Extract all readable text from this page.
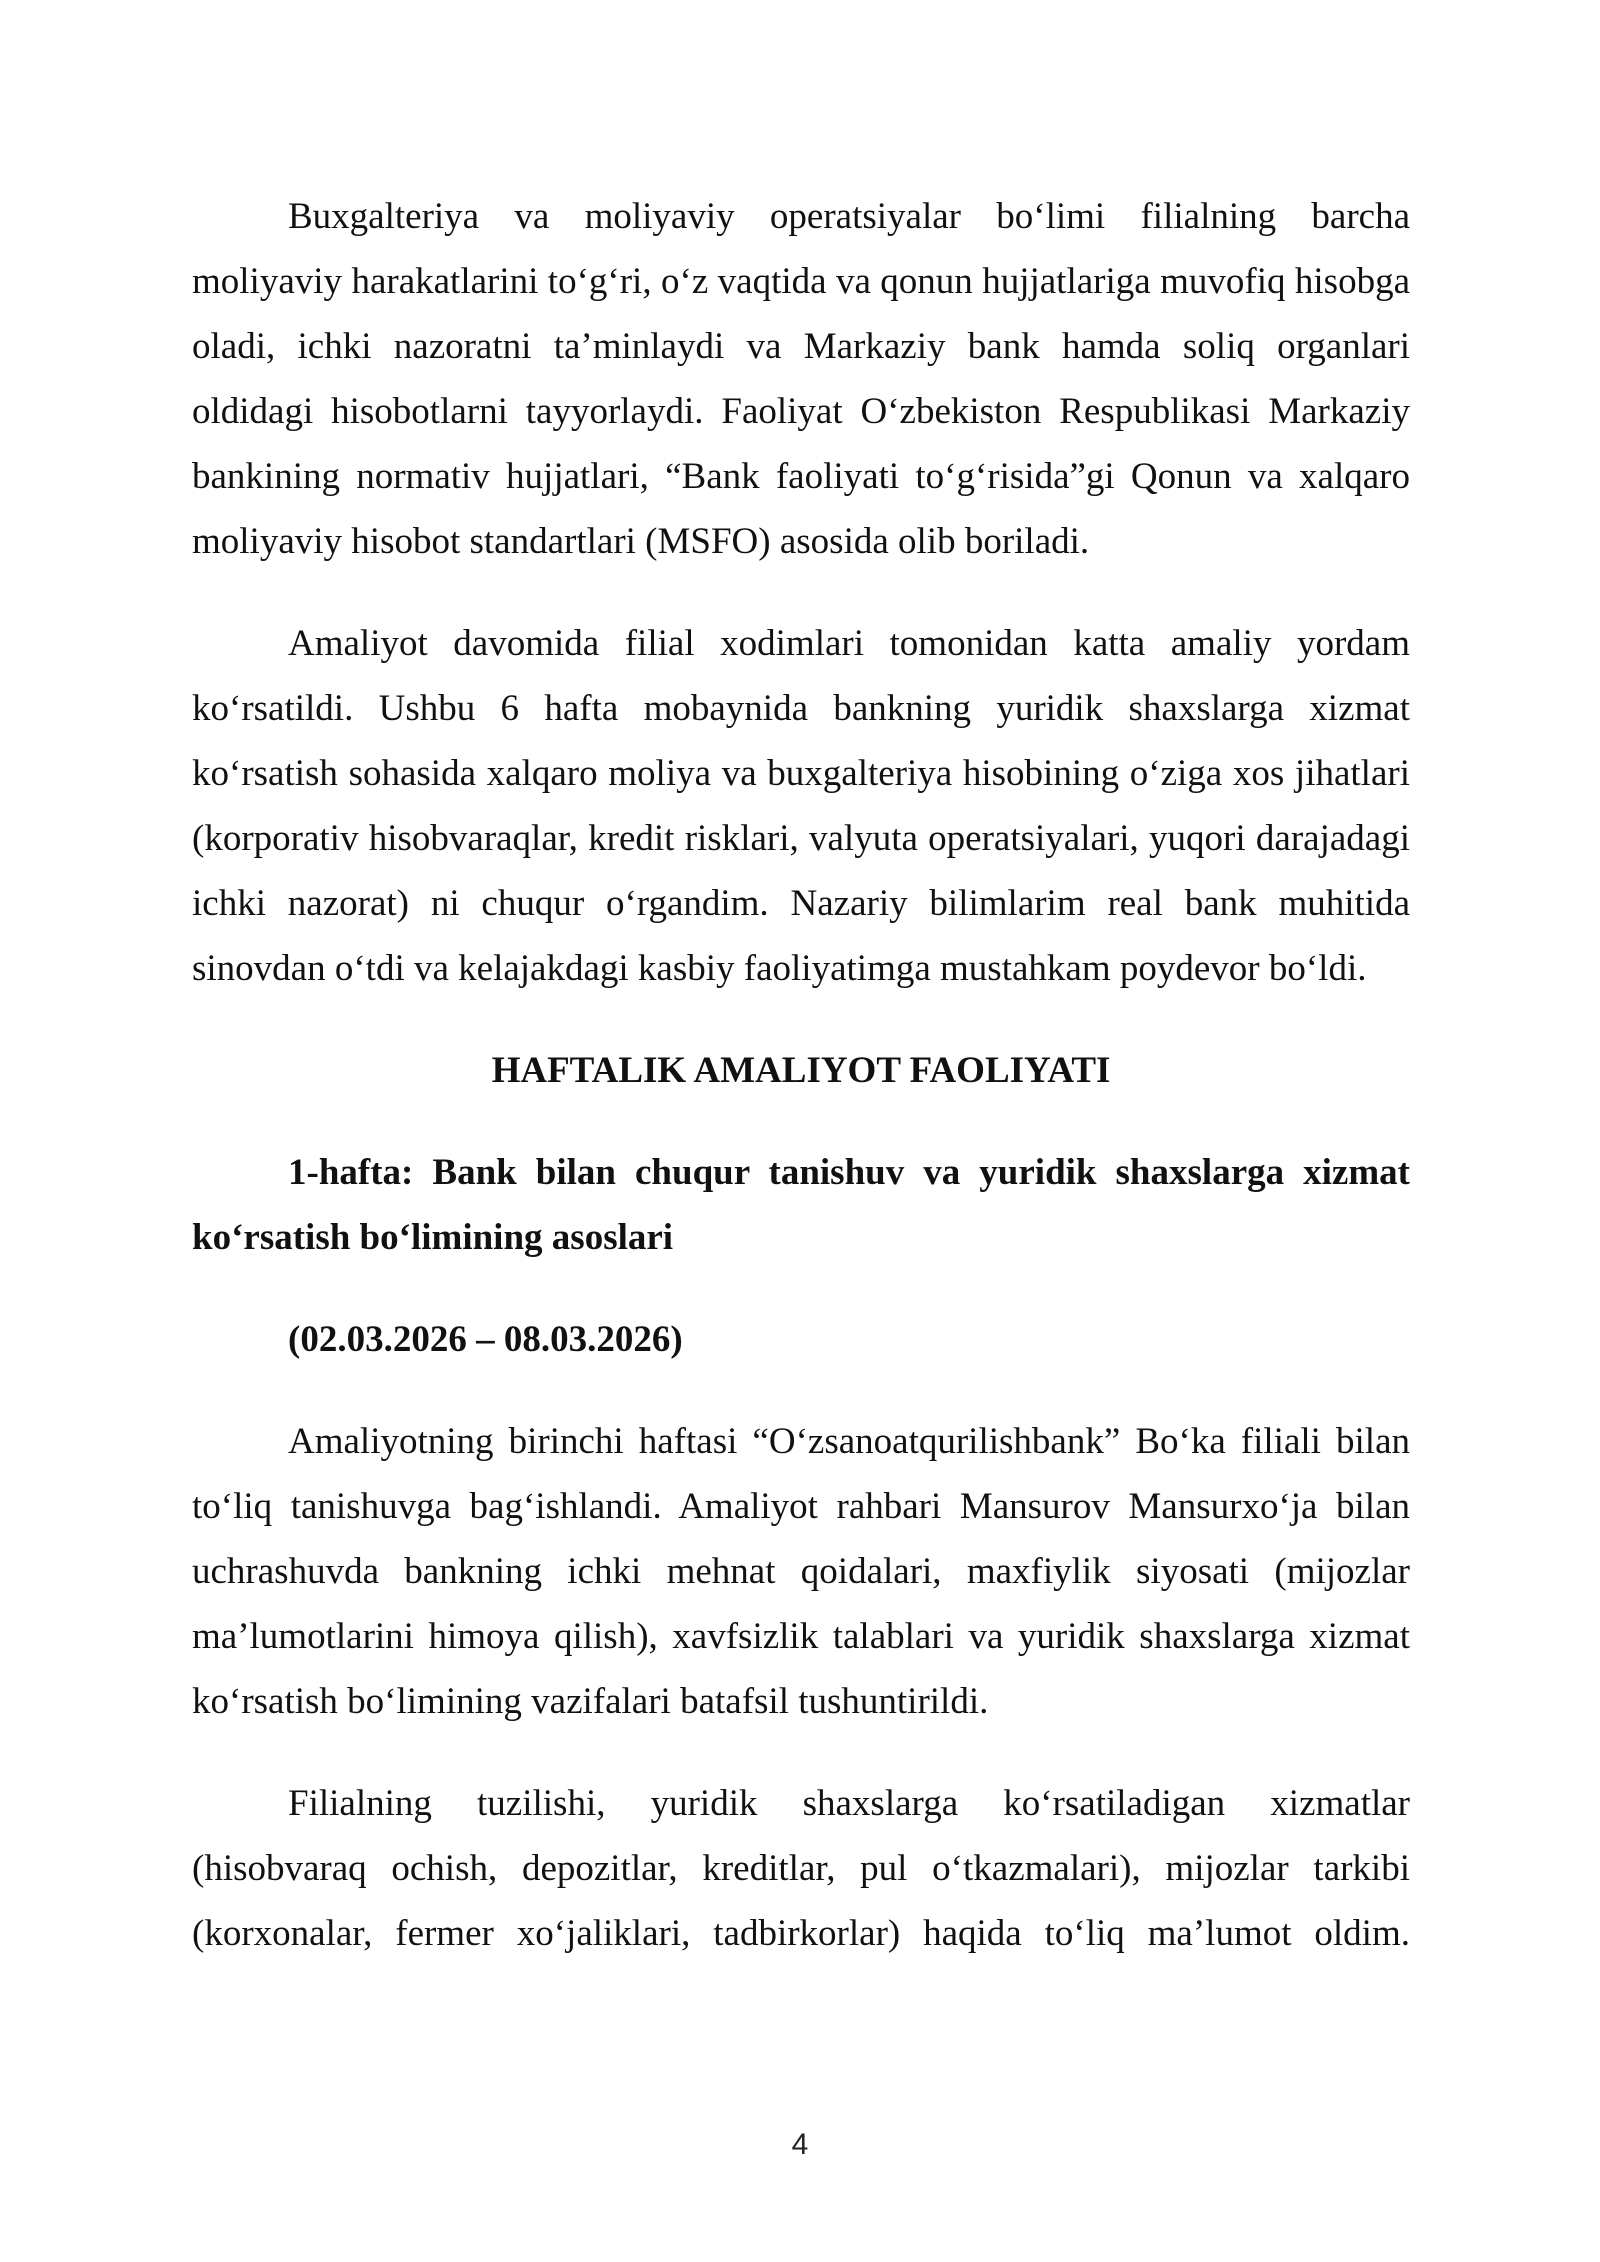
Buxgalteriya va moliyaviy operatsiyalar bo‘limi filialning barcha
moliyaviy harakatlarini to‘g‘ri, o‘z vaqtida va qonun hujjatlariga muvofiq hisobga
oladi, ichki nazoratni ta’minlaydi va Markaziy bank hamda soliq organlari
oldidagi hisobotlarni tayyorlaydi. Faoliyat O‘zbekiston Respublikasi Markaziy
bankining normativ hujjatlari, “Bank faoliyati to‘g‘risida”gi Qonun va xalqaro
moliyaviy hisobot standartlari (MSFO) asosida olib boriladi.
Amaliyot davomida filial xodimlari tomonidan katta amaliy yordam
ko‘rsatildi. Ushbu 6 hafta mobaynida bankning yuridik shaxslarga xizmat
ko‘rsatish sohasida xalqaro moliya va buxgalteriya hisobining o‘ziga xos jihatlari
(korporativ hisobvaraqlar, kredit risklari, valyuta operatsiyalari, yuqori darajadagi
ichki nazorat) ni chuqur o‘rgandim. Nazariy bilimlarim real bank muhitida
sinovdan o‘tdi va kelajakdagi kasbiy faoliyatimga mustahkam poydevor bo‘ldi.
HAFTALIK AMALIYOT FAOLIYATI
1-hafta: Bank bilan chuqur tanishuv va yuridik shaxslarga xizmat
ko‘rsatish bo‘limining asoslari
(02.03.2026 – 08.03.2026)
Amaliyotning birinchi haftasi “O‘zsanoatqurilishbank” Bo‘ka filiali bilan
to‘liq tanishuvga bag‘ishlandi. Amaliyot rahbari Mansurov Mansurxo‘ja bilan
uchrashuvda bankning ichki mehnat qoidalari, maxfiylik siyosati (mijozlar
ma’lumotlarini himoya qilish), xavfsizlik talablari va yuridik shaxslarga xizmat
ko‘rsatish bo‘limining vazifalari batafsil tushuntirildi.
Filialning tuzilishi, yuridik shaxslarga ko‘rsatiladigan xizmatlar
(hisobvaraq ochish, depozitlar, kreditlar, pul o‘tkazmalari), mijozlar tarkibi
(korxonalar, fermer xo‘jaliklari, tadbirkorlar) haqida to‘liq ma’lumot oldim.
4
